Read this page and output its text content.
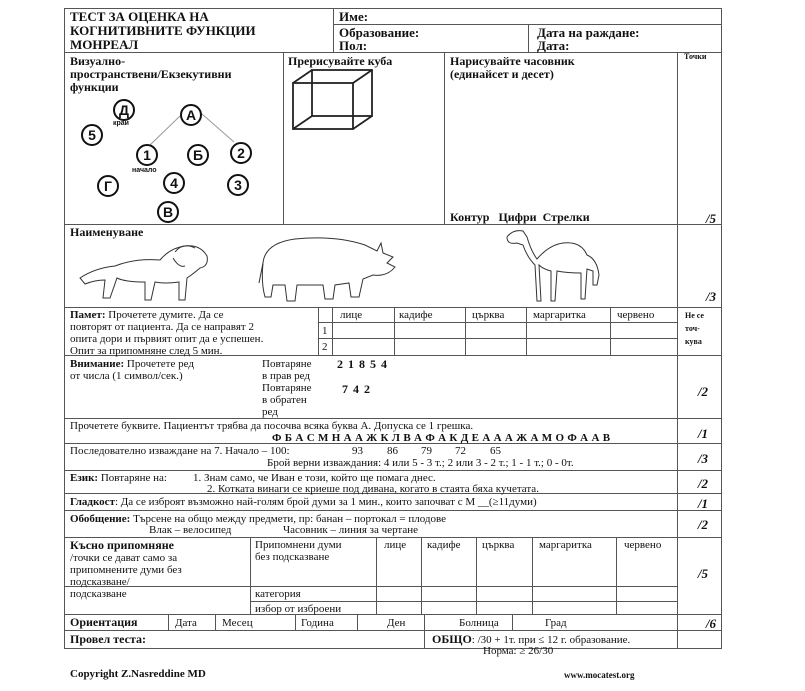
ТЕСТ ЗА ОЦЕНКА НА
КОГНИТИВНИТЕ ФУНКЦИИ
МОНРЕАЛ
Име:
Образование:
Пол:
Дата на раждане:
Дата:
Визуално-
пространствени/Екзекутивни
функции
Д
край
А
5
1
начало
Б	2
Г	4	3
В
Прерисувайте куба	Нарисувайте часовник
(единайсет и десет)
Контур Цифри Стрелки
Точки
/5
Наименуване
/3
Памет: Прочетете думите. Да се
повторят от пациента. Да се направят 2
опита дори и първият опит да е успешен.
Опит за припомняне след 5 мин.
лице	кадифе	църква	маргаритка	червено
1
2
Не се
точ-
кува
Внимание: Прочетете ред
от числа (1 символ/сек.)
Повтаряне
в прав ред
2 1 8 5 4
Повтаряне
в обратен
ред
7 4 2	/2
Прочетете буквите. Пациентът трябва да посочва всяка буква А. Допуска се 1 грешка.
Ф Б А С М Н А А Ж К Л В А Ф А К Д Е А А А Ж А М О Ф А А В	/1
Последователно изваждане на 7. Начало – 100:	93 86 79 72 65
Брой верни изваждания: 4 или 5 - 3 т.; 2 или 3 - 2 т.; 1 - 1 т.; 0 - 0т.	/3
Език: Повтаряне на: 1. Знам само, че Иван е този, който ще помага днес.
2. Котката винаги се криеше под дивана, когато в стаята бяха кучетата.	/2
Гладкост: Да се изброят възможно най-голям брой думи за 1 мин., които започват с М __(≥11думи)	/1
Обобщение: Търсене на общо между предмети, пр: банан – портокал = плодове
Влак – велосипед	Часовник – линия за чертане	/2
Късно припомняне
/точки се дават само за
припомнените думи без
подсказване/
Припомнени думи
без подсказване
лице кадифе църква маргаритка	червено
подсказване	категория
избор от изброени
/5
Ориентация	Дата Месец	Година	Ден	Болница	Град	/6
Провел теста:	ОБЩО: /30 + 1т. при ≤ 12 г. образование.
Норма: ≥ 26/30
Copyright Z.Nasreddine MD	www.mocatest.org
